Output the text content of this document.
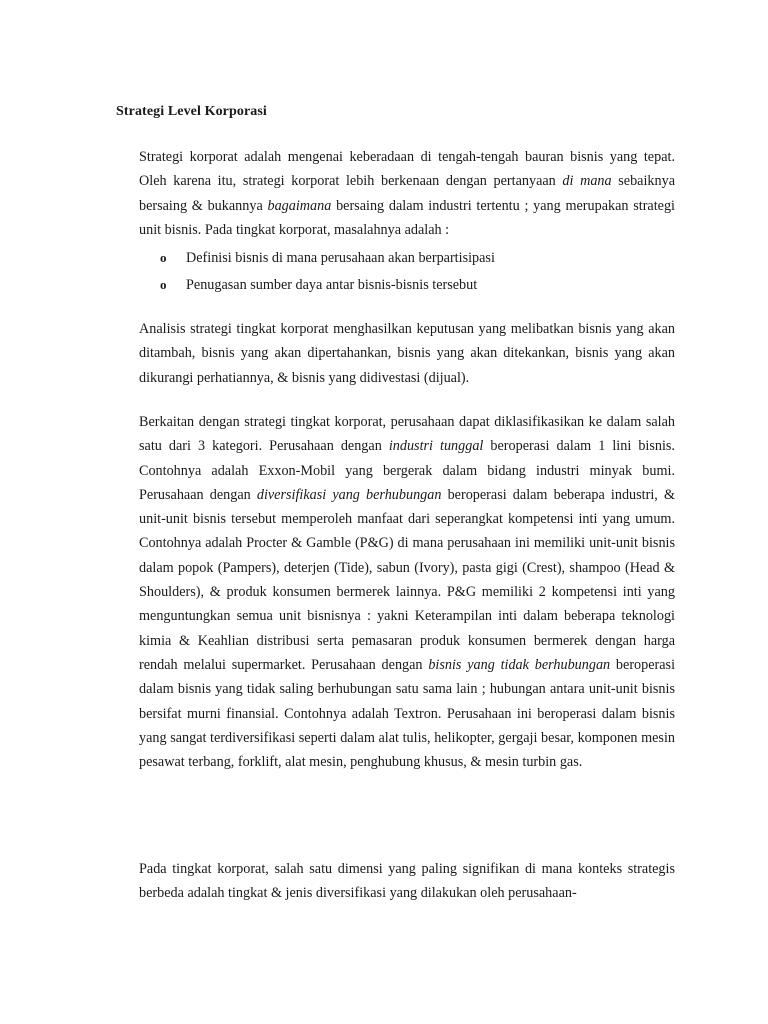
Strategi Level Korporasi

Strategi korporat adalah mengenai keberadaan di tengah-tengah bauran bisnis yang tepat. Oleh karena itu, strategi korporat lebih berkenaan dengan pertanyaan di mana sebaiknya bersaing & bukannya bagaimana bersaing dalam industri tertentu ; yang merupakan strategi unit bisnis. Pada tingkat korporat, masalahnya adalah :

o Definisi bisnis di mana perusahaan akan berpartisipasi
o Penugasan sumber daya antar bisnis-bisnis tersebut

Analisis strategi tingkat korporat menghasilkan keputusan yang melibatkan bisnis yang akan ditambah, bisnis yang akan dipertahankan, bisnis yang akan ditekankan, bisnis yang akan dikurangi perhatiannya, & bisnis yang didivestasi (dijual).

Berkaitan dengan strategi tingkat korporat, perusahaan dapat diklasifikasikan ke dalam salah satu dari 3 kategori. Perusahaan dengan industri tunggal beroperasi dalam 1 lini bisnis. Contohnya adalah Exxon-Mobil yang bergerak dalam bidang industri minyak bumi. Perusahaan dengan diversifikasi yang berhubungan beroperasi dalam beberapa industri, & unit-unit bisnis tersebut memperoleh manfaat dari seperangkat kompetensi inti yang umum. Contohnya adalah Procter & Gamble (P&G) di mana perusahaan ini memiliki unit-unit bisnis dalam popok (Pampers), deterjen (Tide), sabun (Ivory), pasta gigi (Crest), shampoo (Head & Shoulders), & produk konsumen bermerek lainnya. P&G memiliki 2 kompetensi inti yang menguntungkan semua unit bisnisnya : yakni Keterampilan inti dalam beberapa teknologi kimia & Keahlian distribusi serta pemasaran produk konsumen bermerek dengan harga rendah melalui supermarket. Perusahaan dengan bisnis yang tidak berhubungan beroperasi dalam bisnis yang tidak saling berhubungan satu sama lain ; hubungan antara unit-unit bisnis bersifat murni finansial. Contohnya adalah Textron. Perusahaan ini beroperasi dalam bisnis yang sangat terdiversifikasi seperti dalam alat tulis, helikopter, gergaji besar, komponen mesin pesawat terbang, forklift, alat mesin, penghubung khusus, & mesin turbin gas.

Pada tingkat korporat, salah satu dimensi yang paling signifikan di mana konteks strategis berbeda adalah tingkat & jenis diversifikasi yang dilakukan oleh perusahaan-
